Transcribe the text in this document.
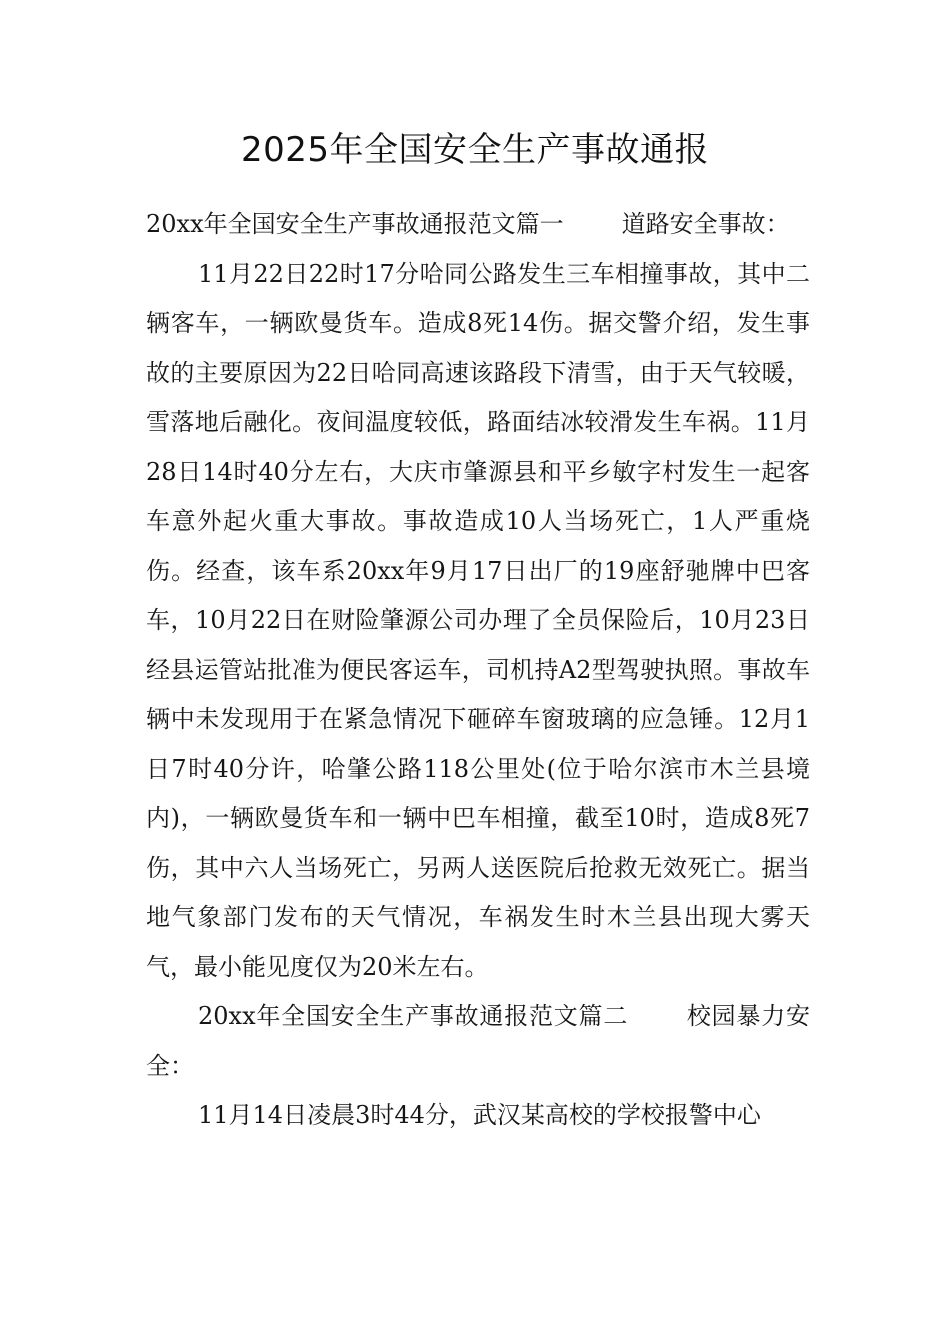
2025年全国安全生产事故通报

20xx年全国安全生产事故通报范文篇一 道路安全事故：

11月22日22时17分哈同公路发生三车相撞事故，其中二辆客车，一辆欧曼货车。造成8死14伤。据交警介绍，发生事故的主要原因为22日哈同高速该路段下清雪，由于天气较暖，雪落地后融化。夜间温度较低，路面结冰较滑发生车祸。11月28日14时40分左右，大庆市肇源县和平乡敏字村发生一起客车意外起火重大事故。事故造成10人当场死亡，1人严重烧伤。经查，该车系20xx年9月17日出厂的19座舒驰牌中巴客车，10月22日在财险肇源公司办理了全员保险后，10月23日经县运管站批准为便民客运车，司机持A2型驾驶执照。事故车辆中未发现用于在紧急情况下砸碎车窗玻璃的应急锤。12月1日7时40分许，哈肇公路118公里处(位于哈尔滨市木兰县境内)，一辆欧曼货车和一辆中巴车相撞，截至10时，造成8死7伤，其中六人当场死亡，另两人送医院后抢救无效死亡。据当地气象部门发布的天气情况，车祸发生时木兰县出现大雾天气，最小能见度仅为20米左右。

20xx年全国安全生产事故通报范文篇二 校园暴力安全：

11月14日凌晨3时44分，武汉某高校的学校报警中心
